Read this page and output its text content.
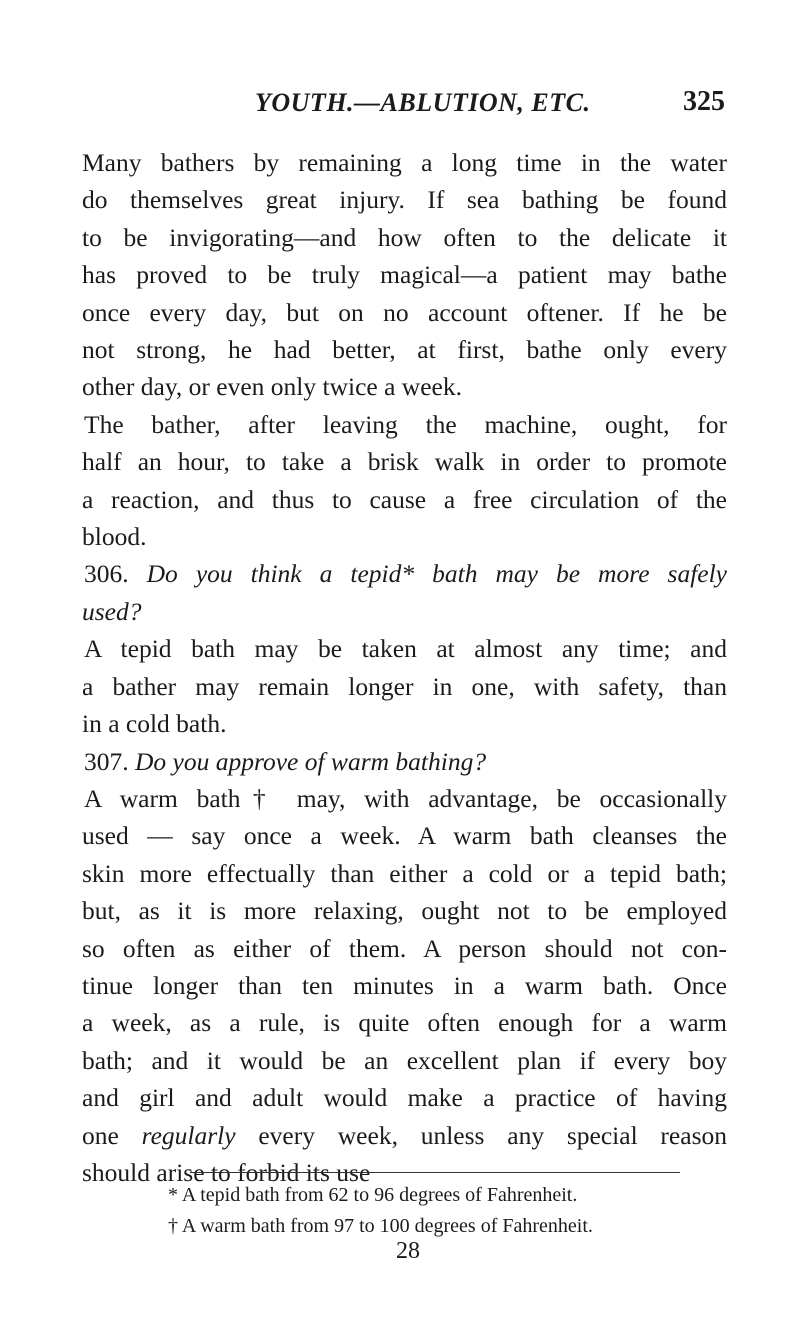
YOUTH.—ABLUTION, ETC.	325
Many bathers by remaining a long time in the water
do themselves great injury. If sea bathing be found
to be invigorating—and how often to the delicate it
has proved to be truly magical—a patient may bathe
once every day, but on no account oftener. If he be
not strong, he had better, at first, bathe only every
other day, or even only twice a week.
The bather, after leaving the machine, ought, for
half an hour, to take a brisk walk in order to promote
a reaction, and thus to cause a free circulation of the
blood.
306. Do you think a tepid* bath may be more safely
used?
A tepid bath may be taken at almost any time; and
a bather may remain longer in one, with safety, than
in a cold bath.
307. Do you approve of warm bathing?
A warm bath† may, with advantage, be occasionally
used — say once a week. A warm bath cleanses the
skin more effectually than either a cold or a tepid bath;
but, as it is more relaxing, ought not to be employed
so often as either of them. A person should not con-
tinue longer than ten minutes in a warm bath. Once
a week, as a rule, is quite often enough for a warm
bath; and it would be an excellent plan if every boy
and girl and adult would make a practice of having
one regularly every week, unless any special reason
should arise to forbid its use
* A tepid bath from 62 to 96 degrees of Fahrenheit.
† A warm bath from 97 to 100 degrees of Fahrenheit.
28
